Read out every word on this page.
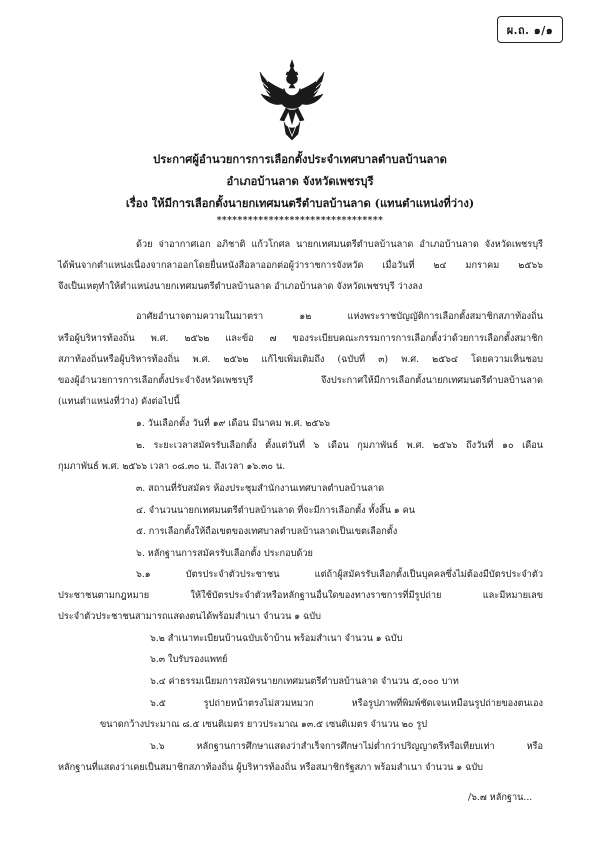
ผ.ถ. ๑/๑
ประกาศผู้อำนวยการการเลือกตั้งประจำเทศบาลตำบลบ้านลาด
อำเภอบ้านลาด จังหวัดเพชรบุรี
เรื่อง ให้มีการเลือกตั้งนายกเทศมนตรีตำบลบ้านลาด (แทนตำแหน่งที่ว่าง)
********************************
ด้วย จ่าอากาศเอก อภิชาติ แก้วโกศล นายกเทศมนตรีตำบลบ้านลาด อำเภอบ้านลาด จังหวัดเพชรบุรี
ได้พ้นจากตำแหน่งเนื่องจากลาออกโดยยื่นหนังสือลาออกต่อผู้ว่าราชการจังหวัด เมื่อวันที่ ๒๔ มกราคม ๒๕๖๖
จึงเป็นเหตุทำให้ตำแหน่งนายกเทศมนตรีตำบลบ้านลาด อำเภอบ้านลาด จังหวัดเพชรบุรี ว่างลง
อาศัยอำนาจตามความในมาตรา ๑๒ แห่งพระราชบัญญัติการเลือกตั้งสมาชิกสภาท้องถิ่น
หรือผู้บริหารท้องถิ่น พ.ศ. ๒๕๖๒ และข้อ ๗ ของระเบียบคณะกรรมการการเลือกตั้งว่าด้วยการเลือกตั้งสมาชิก
สภาท้องถิ่นหรือผู้บริหารท้องถิ่น พ.ศ. ๒๕๖๒ แก้ไขเพิ่มเติมถึง (ฉบับที่ ๓) พ.ศ. ๒๕๖๔ โดยความเห็นชอบ
ของผู้อำนวยการการเลือกตั้งประจำจังหวัดเพชรบุรี จึงประกาศให้มีการเลือกตั้งนายกเทศมนตรีตำบลบ้านลาด
(แทนตำแหน่งที่ว่าง) ดังต่อไปนี้
๑. วันเลือกตั้ง วันที่ ๑๙ เดือน มีนาคม พ.ศ. ๒๕๖๖
๒. ระยะเวลาสมัครรับเลือกตั้ง ตั้งแต่วันที่ ๖ เดือน กุมภาพันธ์ พ.ศ. ๒๕๖๖ ถึงวันที่ ๑๐ เดือน
กุมภาพันธ์ พ.ศ. ๒๕๖๖ เวลา ๐๘.๓๐ น. ถึงเวลา ๑๖.๓๐ น.
๓. สถานที่รับสมัคร ห้องประชุมสำนักงานเทศบาลตำบลบ้านลาด
๔. จำนวนนายกเทศมนตรีตำบลบ้านลาด ที่จะมีการเลือกตั้ง ทั้งสิ้น ๑ คน
๕. การเลือกตั้งให้ถือเขตของเทศบาลตำบลบ้านลาดเป็นเขตเลือกตั้ง
๖. หลักฐานการสมัครรับเลือกตั้ง ประกอบด้วย
๖.๑ บัตรประจำตัวประชาชน แต่ถ้าผู้สมัครรับเลือกตั้งเป็นบุคคลซึ่งไม่ต้องมีบัตรประจำตัว
ประชาชนตามกฎหมาย ให้ใช้บัตรประจำตัวหรือหลักฐานอื่นใดของทางราชการที่มีรูปถ่าย และมีหมายเลข
ประจำตัวประชาชนสามารถแสดงตนได้พร้อมสำเนา จำนวน ๑ ฉบับ
๖.๒ สำเนาทะเบียนบ้านฉบับเจ้าบ้าน พร้อมสำเนา จำนวน ๑ ฉบับ
๖.๓ ใบรับรองแพทย์
๖.๔ ค่าธรรมเนียมการสมัครนายกเทศมนตรีตำบลบ้านลาด จำนวน ๕,๐๐๐ บาท
๖.๕ รูปถ่ายหน้าตรงไม่สวมหมวก หรือรูปภาพที่พิมพ์ชัดเจนเหมือนรูปถ่ายของตนเอง
ขนาดกว้างประมาณ ๘.๕ เซนติเมตร ยาวประมาณ ๑๓.๕ เซนติเมตร จำนวน ๒๐ รูป
๖.๖ หลักฐานการศึกษาแสดงว่าสำเร็จการศึกษาไม่ต่ำกว่าปริญญาตรีหรือเทียบเท่า หรือ
หลักฐานที่แสดงว่าเคยเป็นสมาชิกสภาท้องถิ่น ผู้บริหารท้องถิ่น หรือสมาชิกรัฐสภา พร้อมสำเนา จำนวน ๑ ฉบับ
/๖.๗ หลักฐาน...
